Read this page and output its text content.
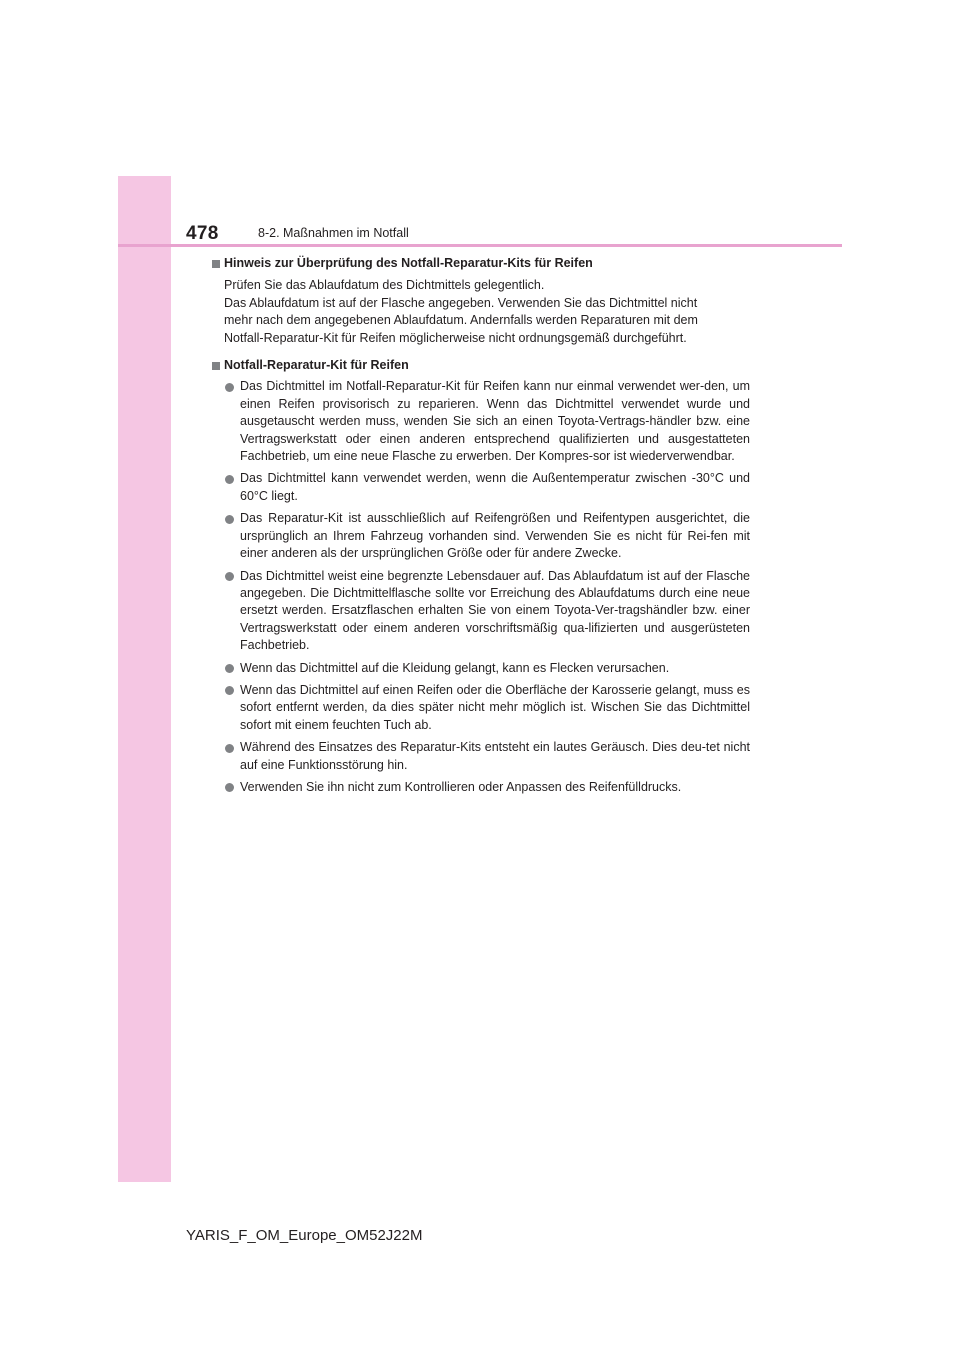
478	8-2. Maßnahmen im Notfall
Hinweis zur Überprüfung des Notfall-Reparatur-Kits für Reifen

Prüfen Sie das Ablaufdatum des Dichtmittels gelegentlich.

Das Ablaufdatum ist auf der Flasche angegeben. Verwenden Sie das Dichtmittel nicht

mehr nach dem angegebenen Ablaufdatum. Andernfalls werden Reparaturen mit dem

Notfall-Reparatur-Kit für Reifen möglicherweise nicht ordnungsgemäß durchgeführt.

Notfall-Reparatur-Kit für Reifen
Das Dichtmittel im Notfall-Reparatur-Kit für Reifen kann nur einmal verwendet wer-den, um einen Reifen provisorisch zu reparieren. Wenn das Dichtmittel verwendet wurde und ausgetauscht werden muss, wenden Sie sich an einen Toyota-Vertrags-händler bzw. eine Vertragswerkstatt oder einen anderen entsprechend qualifizierten und ausgestatteten Fachbetrieb, um eine neue Flasche zu erwerben. Der Kompres-sor ist wiederverwendbar.
Das Dichtmittel kann verwendet werden, wenn die Außentemperatur zwischen -30°C und 60°C liegt.
Das Reparatur-Kit ist ausschließlich auf Reifengrößen und Reifentypen ausgerichtet, die ursprünglich an Ihrem Fahrzeug vorhanden sind. Verwenden Sie es nicht für Rei-fen mit einer anderen als der ursprünglichen Größe oder für andere Zwecke.
Das Dichtmittel weist eine begrenzte Lebensdauer auf. Das Ablaufdatum ist auf der Flasche angegeben. Die Dichtmittelflasche sollte vor Erreichung des Ablaufdatums durch eine neue ersetzt werden. Ersatzflaschen erhalten Sie von einem Toyota-Ver-tragshändler bzw. einer Vertragswerkstatt oder einem anderen vorschriftsmäßig qua-lifizierten und ausgerüsteten Fachbetrieb.
Wenn das Dichtmittel auf die Kleidung gelangt, kann es Flecken verursachen.
Wenn das Dichtmittel auf einen Reifen oder die Oberfläche der Karosserie gelangt, muss es sofort entfernt werden, da dies später nicht mehr möglich ist. Wischen Sie das Dichtmittel sofort mit einem feuchten Tuch ab.
Während des Einsatzes des Reparatur-Kits entsteht ein lautes Geräusch. Dies deu-tet nicht auf eine Funktionsstörung hin.
Verwenden Sie ihn nicht zum Kontrollieren oder Anpassen des Reifenfülldrucks.
YARIS_F_OM_Europe_OM52J22M
